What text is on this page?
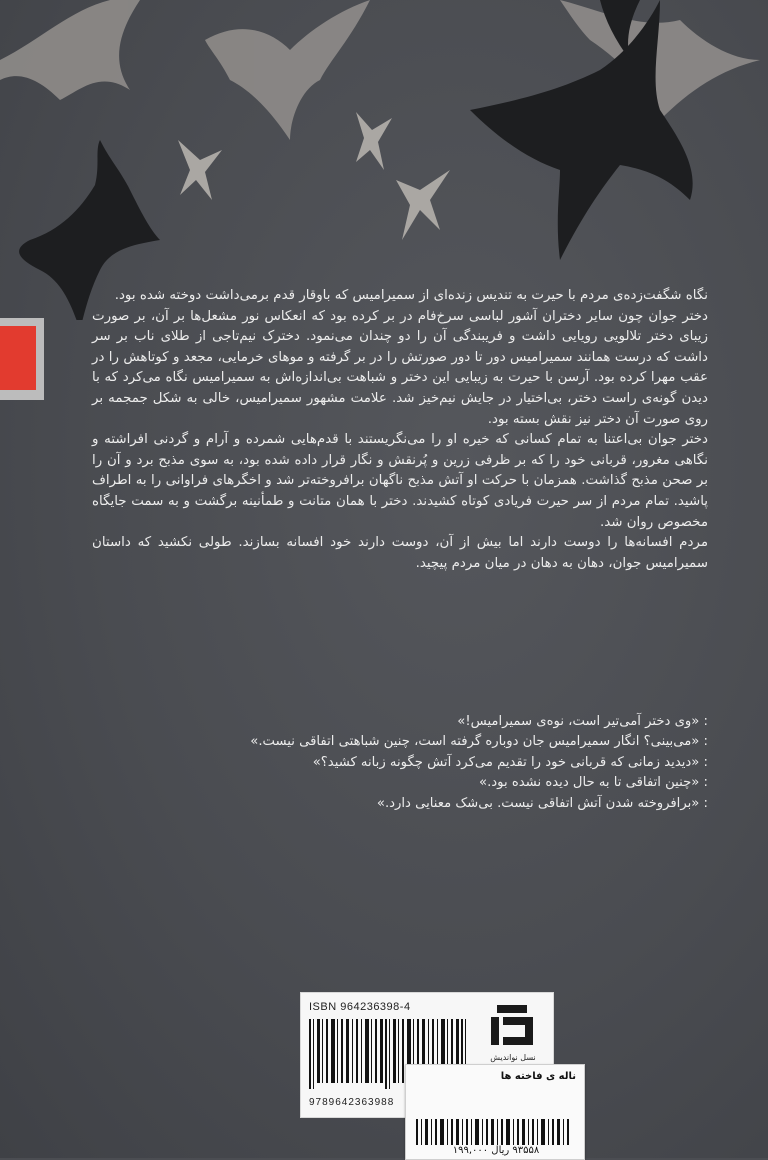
نگاه شگفت‌زده‌ی مردم با حیرت به تندیس زنده‌ای از سمیرامیس که باوقار قدم برمی‌داشت دوخته شده بود.

دختر جوان چون سایر دختران آشور لباسی سرخ‌فام در بر کرده بود که انعکاس نور مشعل‌ها بر آن، بر صورت زیبای دختر تلالویی رویایی داشت و فریبندگی آن را دو چندان می‌نمود. دخترک نیم‌تاجی از طلای ناب بر سر داشت که درست همانند سمیرامیس دور تا دور صورتش را در بر گرفته و موهای خرمایی، مجعد و کوتاهش را در عقب مهرا کرده بود. آرسن با حیرت به زیبایی این دختر و شباهت بی‌اندازه‌اش به سمیرامیس نگاه می‌کرد که با دیدن گونه‌ی راست دختر، بی‌اختیار در جایش نیم‌خیز شد. علامت مشهور سمیرامیس، خالی به شکل جمجمه بر روی صورت آن دختر نیز نقش بسته بود.

دختر جوان بی‌اعتنا به تمام کسانی که خیره او را می‌نگریستند با قدم‌هایی شمرده و آرام و گردنی افراشته و نگاهی مغرور، قربانی خود را که بر ظرفی زرین و پُرنقش و نگار قرار داده شده بود، به سوی مذبح برد و آن را بر صحن مذبح گذاشت. همزمان با حرکت او آتش مذبح ناگهان برافروخته‌تر شد و اخگرهای فراوانی را به اطراف پاشید. تمام مردم از سر حیرت فریادی کوتاه کشیدند. دختر با همان متانت و طمأنینه برگشت و به سمت جایگاه مخصوص روان شد.

مردم افسانه‌ها را دوست دارند اما بیش از آن، دوست دارند خود افسانه بسازند. طولی نکشید که داستان سمیرامیس جوان، دهان به دهان در میان مردم پیچید.

: «وی دختر آمی‌تیر است، نوه‌ی سمیرامیس!»
: «می‌بینی؟ انگار سمیرامیس جان دوباره گرفته است، چنین شباهتی اتفاقی نیست.»
: «دیدید زمانی که قربانی خود را تقدیم می‌کرد آتش چگونه زبانه کشید؟»
: «چنین اتفاقی تا به حال دیده نشده بود.»
: «برافروخته شدن آتش اتفاقی نیست. بی‌شک معنایی دارد.»
ISBN 964236398-4
9789642363988
نسل نواندیش
ناله ی فاخته ها
۹۳۵۵۸ ریال ۱۹۹,۰۰۰
